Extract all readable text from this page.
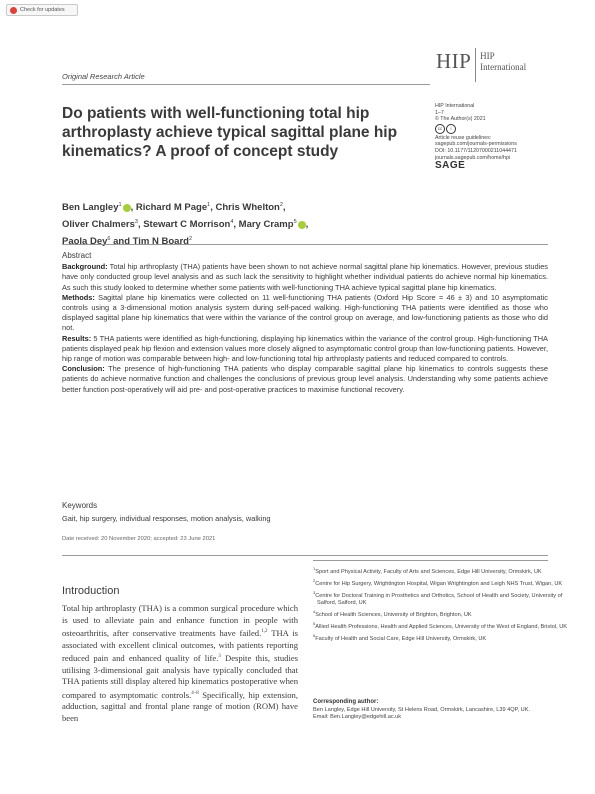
Check for updates
Original Research Article
HIP HIP
International
Do patients with well-functioning total hip arthroplasty achieve typical sagittal plane hip kinematics? A proof of concept study
HIP International
1–7
© The Author(s) 2021
cc	i
Article reuse guidelines:
sagepub.com/journals-permissions
DOI: 10.1177/11207000211044471
journals.sagepub.com/home/hpi
SAGE
Ben Langley$^1$ , Richard M Page$^1$, Chris Whelton$^2$,
Oliver Chalmers$^3$, Stewart C Morrison$^4$, Mary Cramp$^5$ ,
Paola Dey$^6$ and Tim N Board$^2$
Abstract

Background: Total hip arthroplasty (THA) patients have been shown to not achieve normal sagittal plane hip kinematics. However, previous studies have only conducted group level analysis and as such lack the sensitivity to highlight whether individual patients do achieve normal hip kinematics. As such this study looked to determine whether some patients with well-functioning THA achieve typical sagittal plane hip kinematics.

Methods: Sagittal plane hip kinematics were collected on 11 well-functioning THA patients (Oxford Hip Score = 46 ± 3) and 10 asymptomatic controls using a 3-dimensional motion analysis system during self-paced walking. High-functioning THA patients were identified as those who displayed sagittal plane hip kinematics that were within the variance of the control group on average, and low-functioning patients as those who did not.

Results: 5 THA patients were identified as high-functioning, displaying hip kinematics within the variance of the control group. High-functioning THA patients displayed peak hip flexion and extension values more closely aligned to asymptomatic control group than low-functioning patients. However, hip range of motion was comparable between high- and low-functioning total hip arthroplasty patients and reduced compared to controls.

Conclusion: The presence of high-functioning THA patients who display comparable sagittal plane hip kinematics to controls suggests these patients do achieve normative function and challenges the conclusions of previous group level analysis. Understanding why some patients achieve better function post-operatively will aid pre- and post-operative practices to maximise functional recovery.

Keywords
Gait, hip surgery, individual responses, motion analysis, walking
Date received: 20 November 2020; accepted: 23 June 2021
Introduction
Total hip arthroplasty (THA) is a common surgical procedure which is used to alleviate pain and enhance function in people with osteoarthritis, after conservative treatments have failed.$^{1,2}$ THA is associated with excellent clinical outcomes, with patients reporting reduced pain and enhanced quality of life.$^3$ Despite this, studies utilising 3-dimensional gait analysis have typically concluded that THA patients still display altered hip kinematics postoperative when compared to asymptomatic controls.$^{4-8}$ Specifically, hip extension, adduction, sagittal and frontal plane range of motion (ROM) have been
$^1$Sport and Physical Activity, Faculty of Arts and Sciences, Edge Hill University, Ormskirk, UK
$^2$Centre for Hip Surgery, Wrightington Hospital, Wigan Wrightington and Leigh NHS Trust, Wigan, UK
$^3$Centre for Doctoral Training in Prosthetics and Orthotics, School of Health and Society, University of Salford, Salford, UK
$^4$School of Health Sciences, University of Brighton, Brighton, UK
$^5$Allied Health Professions, Health and Applied Sciences, University of the West of England, Bristol, UK
$^6$Faculty of Health and Social Care, Edge Hill University, Ormskirk, UK
Corresponding author:
Ben Langley, Edge Hill University, St Helens Road, Ormskirk, Lancashire, L39 4QP, UK.
Email: Ben.Langley@edgehill.ac.uk
